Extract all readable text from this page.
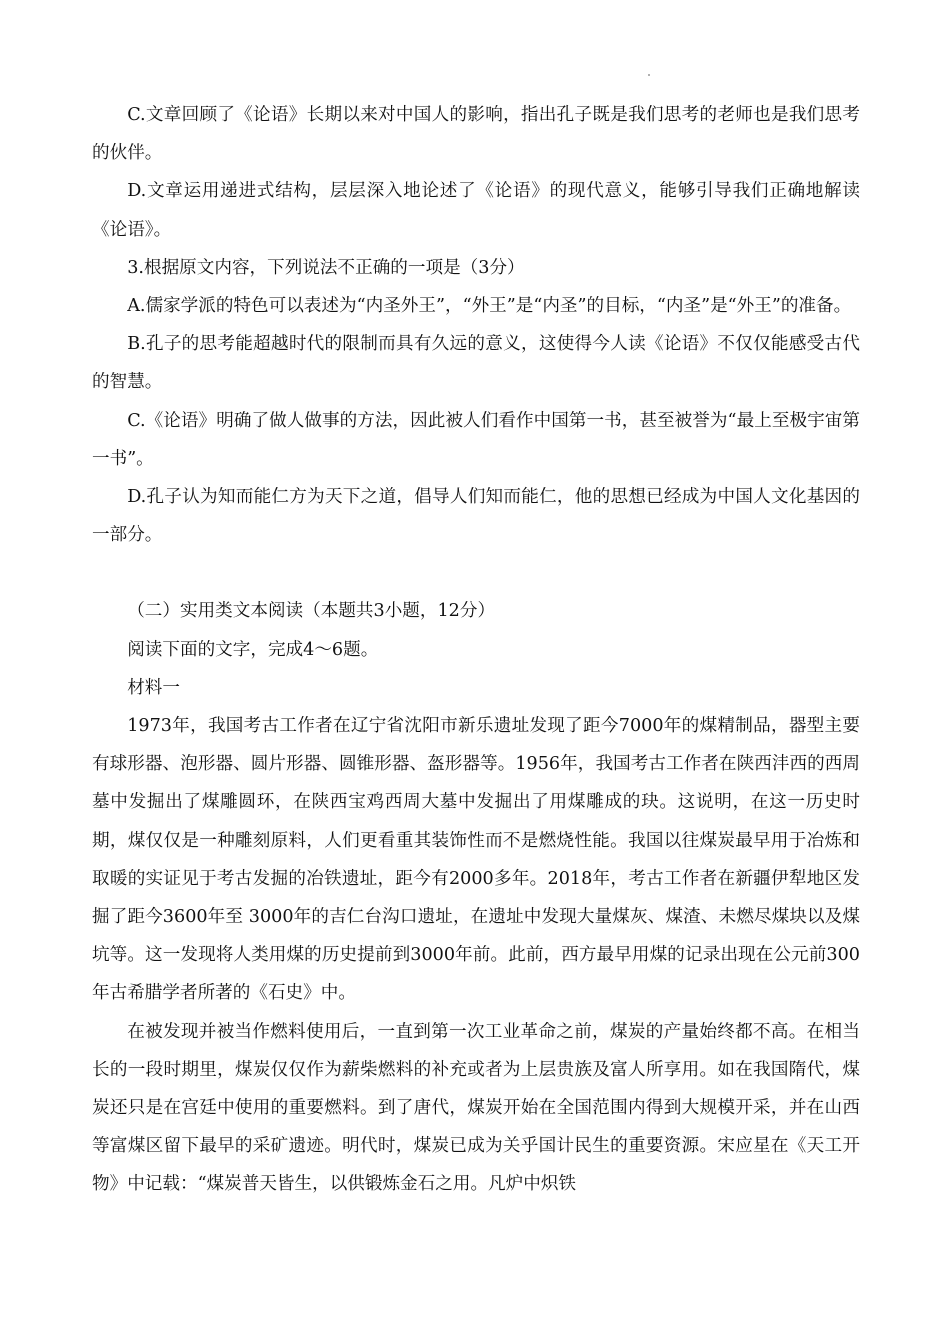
C.文章回顾了《论语》长期以来对中国人的影响，指出孔子既是我们思考的老师也是我们思考的伙伴。

D.文章运用递进式结构，层层深入地论述了《论语》的现代意义，能够引导我们正确地解读《论语》。

3.根据原文内容，下列说法不正确的一项是（3分）

A.儒家学派的特色可以表述为“内圣外王”，“外王”是“内圣”的目标，“内圣”是“外王”的准备。

B.孔子的思考能超越时代的限制而具有久远的意义，这使得今人读《论语》不仅仅能感受古代的智慧。

C.《论语》明确了做人做事的方法，因此被人们看作中国第一书，甚至被誉为“最上至极宇宙第一书”。

D.孔子认为知而能仁方为天下之道，倡导人们知而能仁，他的思想已经成为中国人文化基因的一部分。

（二）实用类文本阅读（本题共3小题，12分）

阅读下面的文字，完成4～6题。

材料一

1973年，我国考古工作者在辽宁省沈阳市新乐遗址发现了距今7000年的煤精制品，器型主要有球形器、泡形器、圆片形器、圆锥形器、盔形器等。1956年，我国考古工作者在陕西沣西的西周墓中发掘出了煤雕圆环，在陕西宝鸡西周大墓中发掘出了用煤雕成的玦。这说明，在这一历史时期，煤仅仅是一种雕刻原料，人们更看重其装饰性而不是燃烧性能。我国以往煤炭最早用于冶炼和取暖的实证见于考古发掘的冶铁遗址，距今有2000多年。2018年，考古工作者在新疆伊犁地区发掘了距今3600年至 3000年的吉仁台沟口遗址，在遗址中发现大量煤灰、煤渣、未燃尽煤块以及煤坑等。这一发现将人类用煤的历史提前到3000年前。此前，西方最早用煤的记录出现在公元前300年古希腊学者所著的《石史》中。

在被发现并被当作燃料使用后，一直到第一次工业革命之前，煤炭的产量始终都不高。在相当长的一段时期里，煤炭仅仅作为薪柴燃料的补充或者为上层贵族及富人所享用。如在我国隋代，煤炭还只是在宫廷中使用的重要燃料。到了唐代，煤炭开始在全国范围内得到大规模开采，并在山西等富煤区留下最早的采矿遗迹。明代时，煤炭已成为关乎国计民生的重要资源。宋应星在《天工开物》中记载：“煤炭普天皆生，以供锻炼金石之用。凡炉中炽铁
